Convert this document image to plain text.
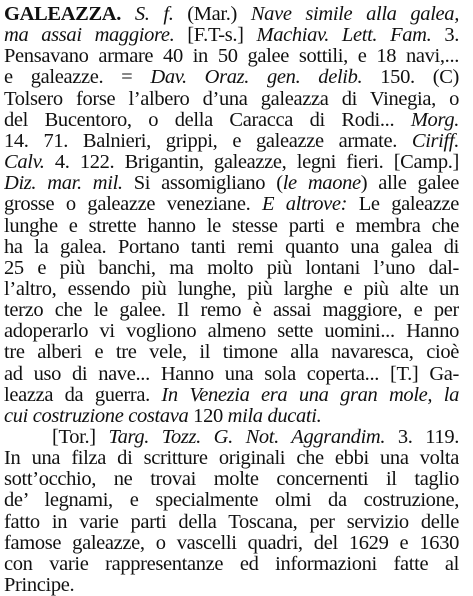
GALEAZZA. S. f. (Mar.) Nave simile alla galea,

ma assai maggiore. [F.T-s.] Machiav. Lett. Fam. 3.

Pensavano armare 40 in 50 galee sottili, e 18 navi,...

e galeazze. = Dav. Oraz. gen. delib. 150. (C)

Tolsero forse l’albero d’una galeazza di Vinegia, o

del Bucentoro, o della Caracca di Rodi... Morg.

14. 71. Balnieri, grippi, e galeazze armate. Ciriff.

Calv. 4. 122. Brigantin, galeazze, legni fieri. [Camp.]

Diz. mar. mil. Si assomigliano (le maone) alle galee

grosse o galeazze veneziane. E altrove: Le galeazze

lunghe e strette hanno le stesse parti e membra che

ha la galea. Portano tanti remi quanto una galea di

25 e più banchi, ma molto più lontani l’uno dal-

l’altro, essendo più lunghe, più larghe e più alte un

terzo che le galee. Il remo è assai maggiore, e per

adoperarlo vi vogliono almeno sette uomini... Hanno

tre alberi e tre vele, il timone alla navaresca, cioè

ad uso di nave... Hanno una sola coperta... [T.] Ga-

leazza da guerra. In Venezia era una gran mole, la

cui costruzione costava 120 mila ducati.

[Tor.] Targ. Tozz. G. Not. Aggrandim. 3. 119.

In una filza di scritture originali che ebbi una volta

sott’occhio, ne trovai molte concernenti il taglio

de’ legnami, e specialmente olmi da costruzione,

fatto in varie parti della Toscana, per servizio delle

famose galeazze, o vascelli quadri, del 1629 e 1630

con varie rappresentanze ed informazioni fatte al

Principe.
